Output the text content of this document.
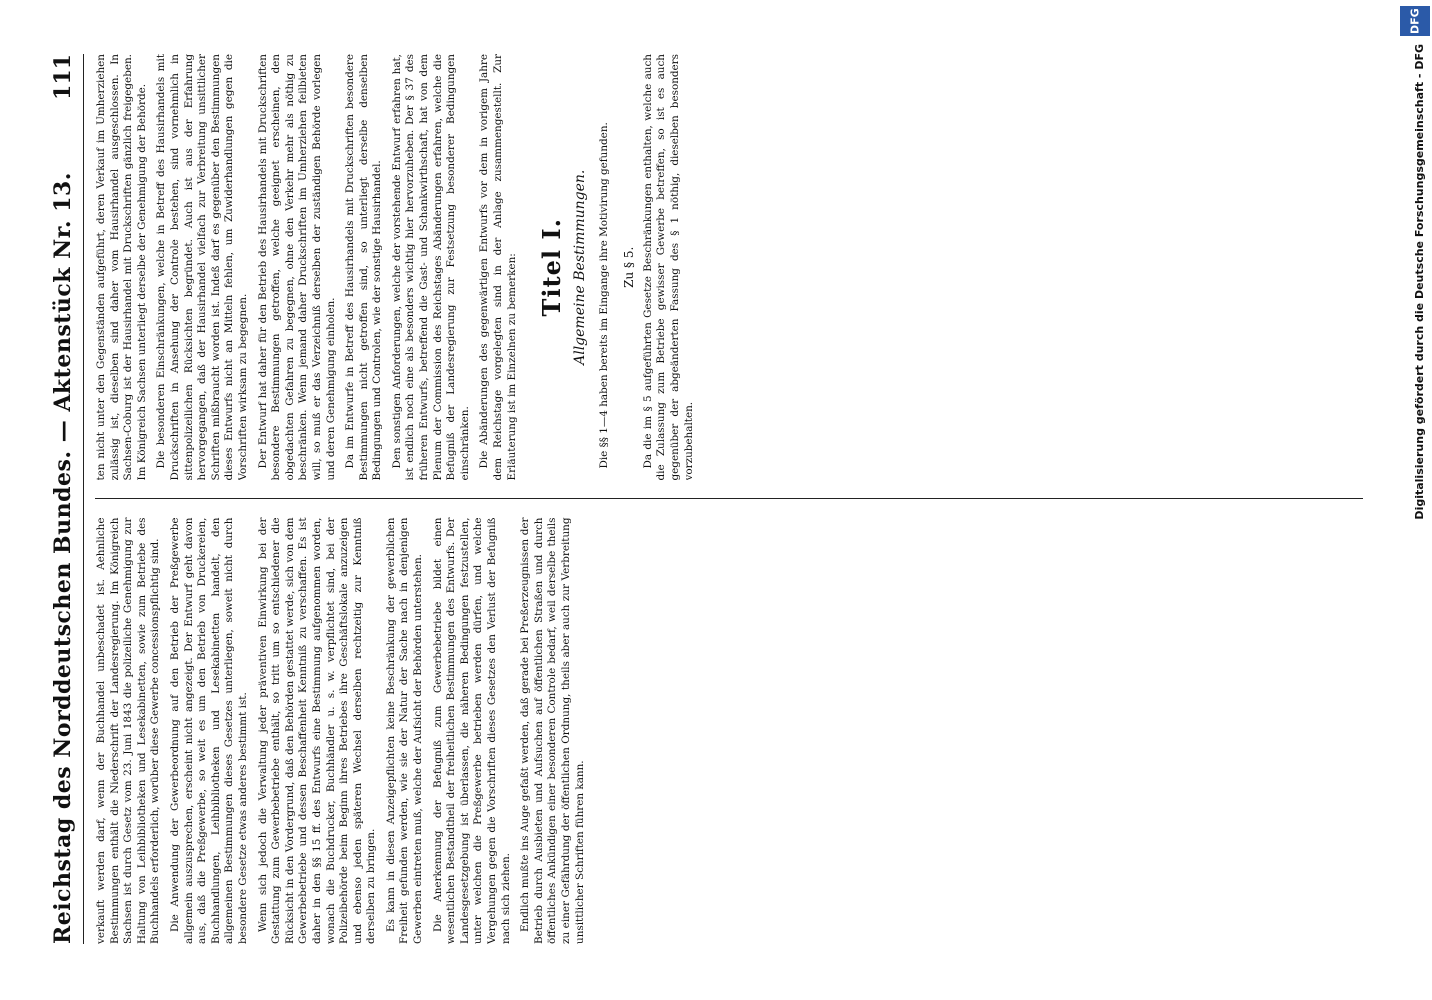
Reichstag des Norddeutschen Bundes. — Aktenstück Nr. 13.
111

verkauft werden darf, wenn der Buchhandel unbeschadet ist. Aehnliche Bestimmungen enthält die Niederschrift der Landesregierung. Im Königreich Sachsen ist durch Gesetz vom 23. Juni 1843 die polizeiliche Genehmigung zur Haltung von Leihbibliotheken und Lesekabinetten, sowie zum Betriebe des Buchhandels erforderlich, worüber diese Gewerbe concessionspflichtig sind. Die Anwendung der Gewerbeordnung auf den Betrieb der Preßgewerbe allgemein auszusprechen, erscheint nicht angezeigt. Der Entwurf geht davon aus, daß die Preßgewerbe, so weit es um den Betrieb von Druckereien, Buchhandlungen, Leihbibliotheken und Lesekabinetten handelt, den allgemeinen Bestimmungen dieses Gesetzes unterliegen, soweit nicht durch besondere Gesetze etwas anderes bestimmt ist. Wenn sich jedoch die Verwaltung jeder präventiven Einwirkung bei der Gestattung zum Gewerbebetriebe enthält, so tritt um so entschiedener die Rücksicht in den Vordergrund, daß den Behörden gestattet werde, sich von dem Gewerbebetriebe und dessen Beschaffenheit Kenntniß zu verschaffen. Es ist daher in den §§ 15 ff. des Entwurfs eine Bestimmung aufgenommen worden, wonach die Buchdrucker, Buchhändler u. s. w. verpflichtet sind, bei der Polizeibehörde beim Beginn ihres Betriebes ihre Geschäftslokale anzuzeigen und ebenso jeden späteren Wechsel derselben rechtzeitig zur Kenntniß derselben zu bringen. Es kann in diesen Anzeigepflichten keine Beschränkung der gewerblichen Freiheit gefunden werden, wie sie der Natur der Sache nach in denjenigen Gewerben eintreten muß, welche der Aufsicht der Behörden unterstehen. Die Anerkennung der Befugniß zum Gewerbebetriebe bildet einen wesentlichen Bestandtheil der freiheitlichen Bestimmungen des Entwurfs. Der Landesgesetzgebung ist überlassen, die näheren Bedingungen festzustellen, unter welchen die Preßgewerbe betrieben werden dürfen, und welche Vergehungen gegen die Vorschriften dieses Gesetzes den Verlust der Befugniß nach sich ziehen. Endlich mußte ins Auge gefaßt werden, daß gerade bei Preßerzeugnissen der Betrieb durch Ausbieten und Aufsuchen auf öffentlichen Straßen und durch öffentliches Ankündigen einer besonderen Controle bedarf, weil derselbe theils zu einer Gefährdung der öffentlichen Ordnung, theils aber auch zur Verbreitung unsittlicher Schriften führen kann.

ten nicht unter den Gegenständen aufgeführt, deren Verkauf im Umherziehen zulässig ist, dieselben sind daher vom Hausirhandel ausgeschlossen. In Sachsen-Coburg ist der Hausirhandel mit Druckschriften gänzlich freigegeben. Im Königreich Sachsen unterliegt derselbe der Genehmigung der Behörde. Die besonderen Einschränkungen, welche in Betreff des Hausirhandels mit Druckschriften in Ansehung der Controle bestehen, sind vornehmlich in sittenpolizeilichen Rücksichten begründet. Auch ist aus der Erfahrung hervorgegangen, daß der Hausirhandel vielfach zur Verbreitung unsittlicher Schriften mißbraucht worden ist. Indeß darf es gegenüber den Bestimmungen dieses Entwurfs nicht an Mitteln fehlen, um Zuwiderhandlungen gegen die Vorschriften wirksam zu begegnen. Der Entwurf hat daher für den Betrieb des Hausirhandels mit Druckschriften besondere Bestimmungen getroffen, welche geeignet erscheinen, den obgedachten Gefahren zu begegnen, ohne den Verkehr mehr als nöthig zu beschränken. Wenn jemand daher Druckschriften im Umherziehen feilbieten will, so muß er das Verzeichniß derselben der zuständigen Behörde vorlegen und deren Genehmigung einholen. Da im Entwurfe in Betreff des Hausirhandels mit Druckschriften besondere Bestimmungen nicht getroffen sind, so unterliegt derselbe denselben Bedingungen und Controlen, wie der sonstige Hausirhandel. Den sonstigen Anforderungen, welche der vorstehende Entwurf erfahren hat, ist endlich noch eine als besonders wichtig hier hervorzuheben. Der § 37 des früheren Entwurfs, betreffend die Gast- und Schankwirthschaft, hat von dem Plenum der Commission des Reichstages Abänderungen erfahren, welche die Befugniß der Landesregierung zur Festsetzung besonderer Bedingungen einschränken. Die Abänderungen des gegenwärtigen Entwurfs vor dem in vorigem Jahre dem Reichstage vorgelegten sind in der Anlage zusammengestellt. Zur Erläuterung ist im Einzelnen zu bemerken: Titel I. Allgemeine Bestimmungen. Die §§ 1—4 haben bereits im Eingange ihre Motivirung gefunden. Zu § 5. Da die im § 5 aufgeführten Gesetze Beschränkungen enthalten, welche auch die Zulassung zum Betriebe gewisser Gewerbe betreffen, so ist es auch gegenüber der abgeänderten Fassung des § 1 nöthig, dieselben besonders vorzubehalten.

DFG
Digitalisierung gefördert durch die Deutsche Forschungsgemeinschaft - DFG
